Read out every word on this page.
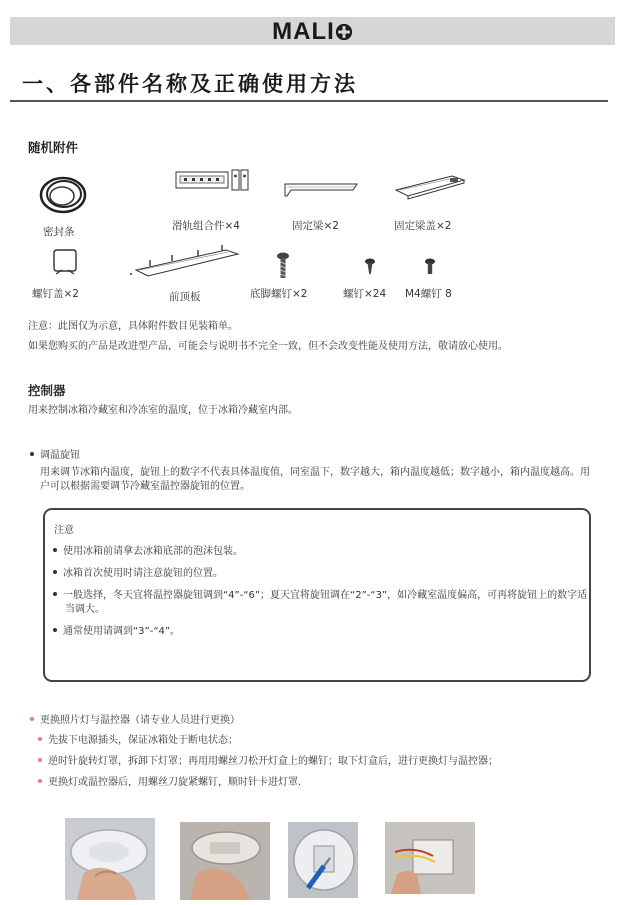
MALI
一、各部件名称及正确使用方法
随机附件
密封条	滑轨组合件×4	固定梁×2	固定梁盖×2
螺钉盖×2	前顶板	底脚螺钉×2	螺钉×24 M4螺钉 8

注意：此图仅为示意，具体附件数目见装箱单。

如果您购买的产品是改进型产品，可能会与说明书不完全一致，但不会改变性能及使用方法，敬请放心使用。

控制器

用来控制冰箱冷藏室和冷冻室的温度，位于冰箱冷藏室内部。

调温旋钮

用来调节冰箱内温度，旋钮上的数字不代表具体温度值，同室温下，数字越大，箱内温度越低；数字越小，箱内温度越高。用户可以根据需要调节冷藏室温控器旋钮的位置。

注意
使用冰箱前请拿去冰箱底部的泡沫包装。
冰箱首次使用时请注意旋钮的位置。
一般选择，冬天宜将温控器旋钮调到“4”-“6”；夏天宜将旋钮调在“2”-“3”，如冷藏室温度偏高，可再将旋钮上的数字适当调大。
通常使用请调到“3”-“4”。
更换照片灯与温控器（请专业人员进行更换）
先拔下电源插头，保证冰箱处于断电状态；
逆时针旋转灯罩，拆卸下灯罩；再用用螺丝刀松开灯盒上的螺钉；取下灯盒后，进行更换灯与温控器；
更换灯或温控器后，用螺丝刀旋紧螺钉，顺时针卡进灯罩.
